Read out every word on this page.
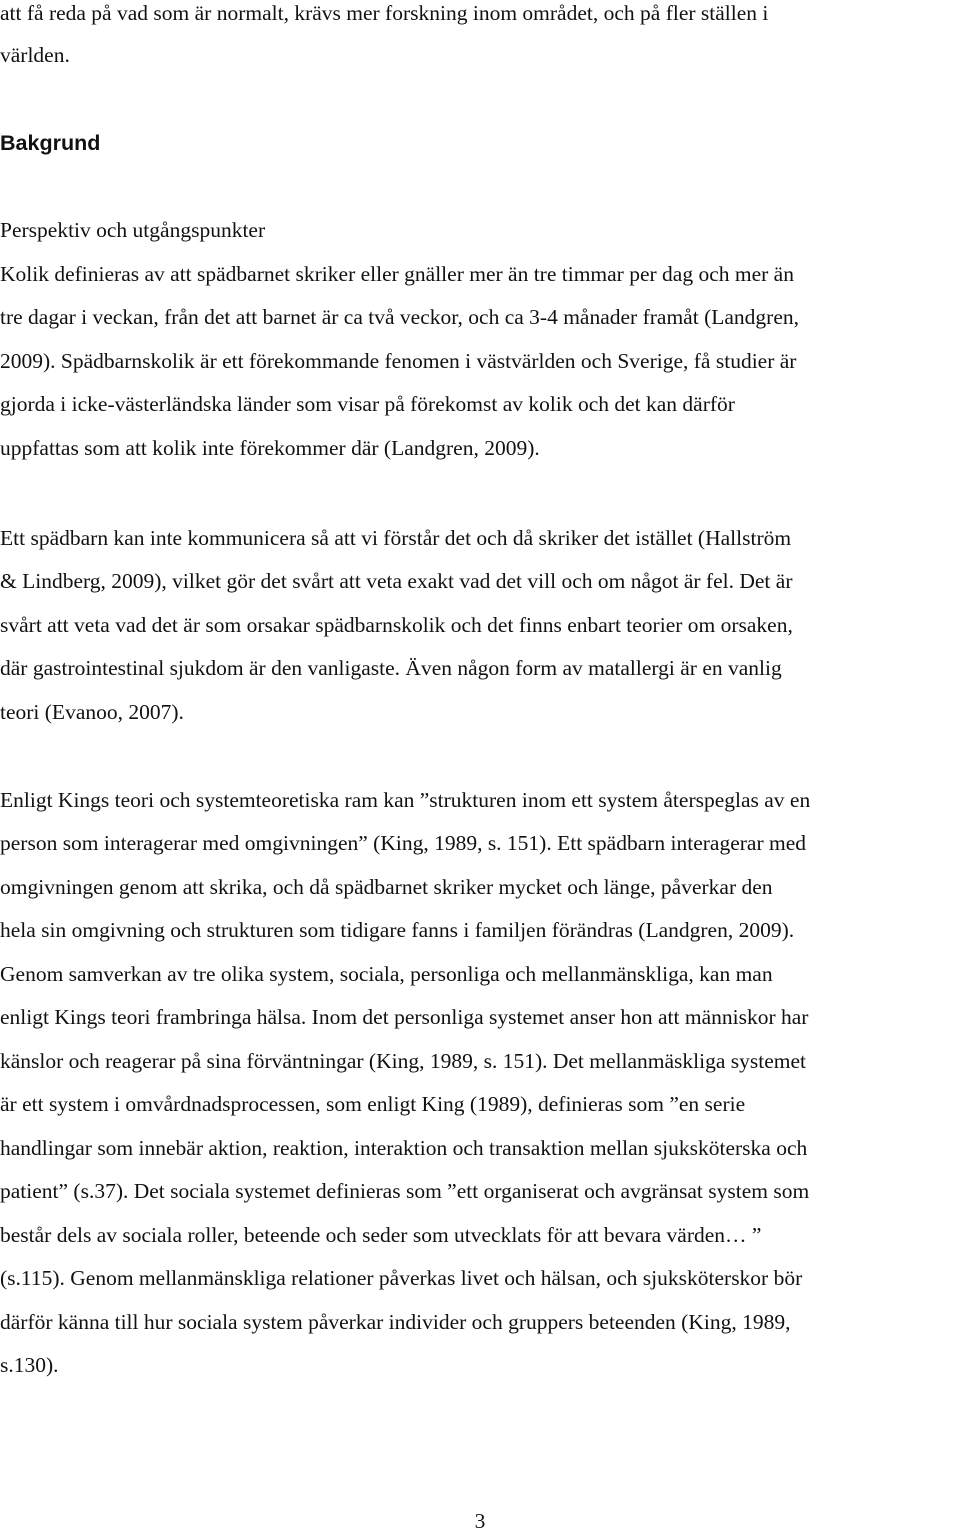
att få reda på vad som är normalt, krävs mer forskning inom området, och på fler ställen i
världen.
Bakgrund
Perspektiv och utgångspunkter
Kolik definieras av att spädbarnet skriker eller gnäller mer än tre timmar per dag och mer än
tre dagar i veckan, från det att barnet är ca två veckor, och ca 3-4 månader framåt (Landgren,
2009). Spädbarnskolik är ett förekommande fenomen i västvärlden och Sverige, få studier är
gjorda i icke-västerländska länder som visar på förekomst av kolik och det kan därför
uppfattas som att kolik inte förekommer där (Landgren, 2009).
Ett spädbarn kan inte kommunicera så att vi förstår det och då skriker det istället (Hallström
& Lindberg, 2009), vilket gör det svårt att veta exakt vad det vill och om något är fel. Det är
svårt att veta vad det är som orsakar spädbarnskolik och det finns enbart teorier om orsaken,
där gastrointestinal sjukdom är den vanligaste. Även någon form av matallergi är en vanlig
teori (Evanoo, 2007).
Enligt Kings teori och systemteoretiska ram kan ”strukturen inom ett system återspeglas av en
person som interagerar med omgivningen” (King, 1989, s. 151). Ett spädbarn interagerar med
omgivningen genom att skrika, och då spädbarnet skriker mycket och länge, påverkar den
hela sin omgivning och strukturen som tidigare fanns i familjen förändras (Landgren, 2009).
Genom samverkan av tre olika system, sociala, personliga och mellanmänskliga, kan man
enligt Kings teori frambringa hälsa. Inom det personliga systemet anser hon att människor har
känslor och reagerar på sina förväntningar (King, 1989, s. 151). Det mellanmäskliga systemet
är ett system i omvårdnadsprocessen, som enligt King (1989), definieras som ”en serie
handlingar som innebär aktion, reaktion, interaktion och transaktion mellan sjuksköterska och
patient” (s.37). Det sociala systemet definieras som ”ett organiserat och avgränsat system som
består dels av sociala roller, beteende och seder som utvecklats för att bevara värden… ”
(s.115). Genom mellanmänskliga relationer påverkas livet och hälsan, och sjuksköterskor bör
därför känna till hur sociala system påverkar individer och gruppers beteenden (King, 1989,
s.130).
3
